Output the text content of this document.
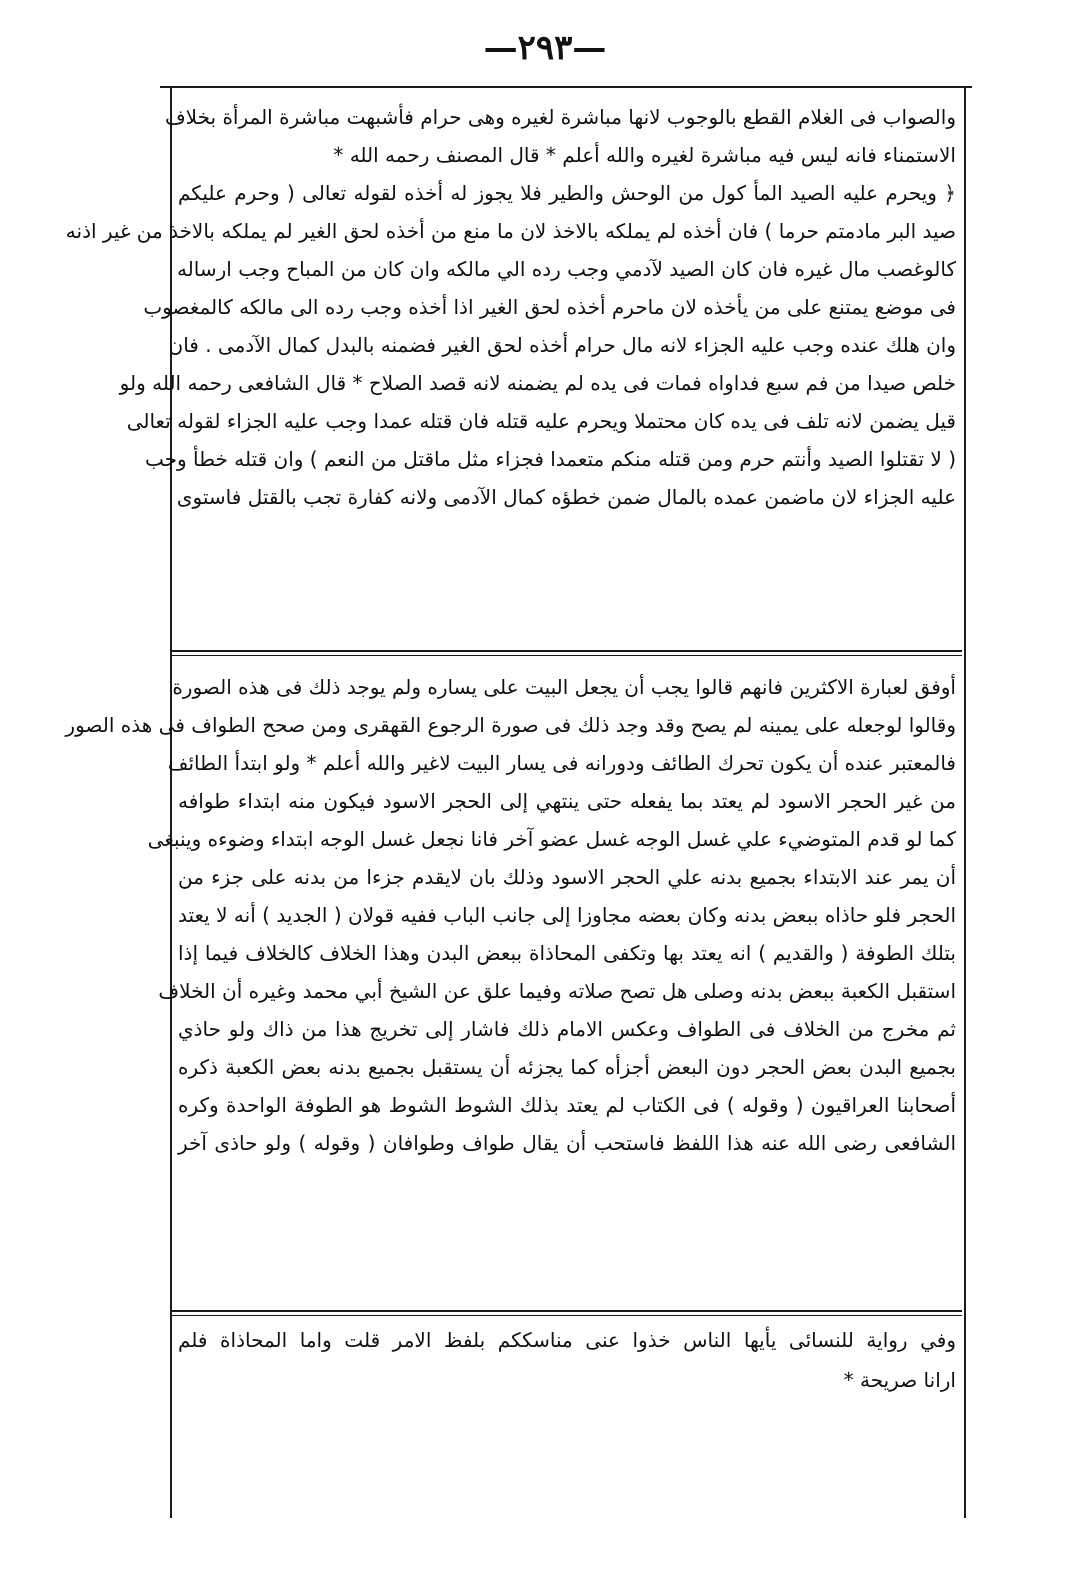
—٢٩٣—
والصواب فى الغلام القطع بالوجوب لانها مباشرة لغيره وهى حرام فأشبهت مباشرة المرأة بخلاف
الاستمناء فانه ليس فيه مباشرة لغيره والله أعلم * قال المصنف رحمه الله *
﴿ ويحرم عليه الصيد المأ كول من الوحش والطير فلا يجوز له أخذه لقوله تعالى ( وحرم عليكم
صيد البر مادمتم حرما ) فان أخذه لم يملكه بالاخذ لان ما منع من أخذه لحق الغير لم يملكه بالاخذ من غير اذنه
كالوغصب مال غيره فان كان الصيد لآدمي وجب رده الي مالكه وان كان من المباح وجب ارساله
فى موضع يمتنع على من يأخذه لان ماحرم أخذه لحق الغير اذا أخذه وجب رده الى مالكه كالمغصوب
وان هلك عنده وجب عليه الجزاء لانه مال حرام أخذه لحق الغير فضمنه بالبدل كمال الآدمى . فان
خلص صيدا من فم سبع فداواه فمات فى يده لم يضمنه لانه قصد الصلاح * قال الشافعى رحمه الله ولو
قيل يضمن لانه تلف فى يده كان محتملا ويحرم عليه قتله فان قتله عمدا وجب عليه الجزاء لقوله تعالى
( لا تقتلوا الصيد وأنتم حرم ومن قتله منكم متعمدا فجزاء مثل ماقتل من النعم ) وان قتله خطأ وجب
عليه الجزاء لان ماضمن عمده بالمال ضمن خطؤه كمال الآدمى ولانه كفارة تجب بالقتل فاستوى
أوفق لعبارة الاكثرين فانهم قالوا يجب أن يجعل البيت على يساره ولم يوجد ذلك فى هذه الصورة
وقالوا لوجعله على يمينه لم يصح وقد وجد ذلك فى صورة الرجوع القهقرى ومن صحح الطواف فى هذه الصور
فالمعتبر عنده أن يكون تحرك الطائف ودورانه فى يسار البيت لاغير والله أعلم * ولو ابتدأ الطائف
من غير الحجر الاسود لم يعتد بما يفعله حتى ينتهي إلى الحجر الاسود فيكون منه ابتداء طوافه
كما لو قدم المتوضيء علي غسل الوجه غسل عضو آخر فانا نجعل غسل الوجه ابتداء وضوءه وينبغى
أن يمر عند الابتداء بجميع بدنه علي الحجر الاسود وذلك بان لايقدم جزءا من بدنه على جزء من
الحجر فلو حاذاه ببعض بدنه وكان بعضه مجاوزا إلى جانب الباب ففيه قولان ( الجديد ) أنه لا يعتد
بتلك الطوفة ( والقديم ) انه يعتد بها وتكفى المحاذاة ببعض البدن وهذا الخلاف كالخلاف فيما إذا
استقبل الكعبة ببعض بدنه وصلى هل تصح صلاته وفيما علق عن الشيخ أبي محمد وغيره أن الخلاف
ثم مخرج من الخلاف فى الطواف وعكس الامام ذلك فاشار إلى تخريج هذا من ذاك ولو حاذي
بجميع البدن بعض الحجر دون البعض أجزأه كما يجزئه أن يستقبل بجميع بدنه بعض الكعبة ذكره
أصحابنا العراقيون ( وقوله ) فى الكتاب لم يعتد بذلك الشوط الشوط هو الطوفة الواحدة وكره
الشافعى رضى الله عنه هذا اللفظ فاستحب أن يقال طواف وطوافان ( وقوله ) ولو حاذى آخر
وفي رواية للنسائى يأيها الناس خذوا عنى مناسككم بلفظ الامر قلت واما المحاذاة فلم
ارانا صريحة *
